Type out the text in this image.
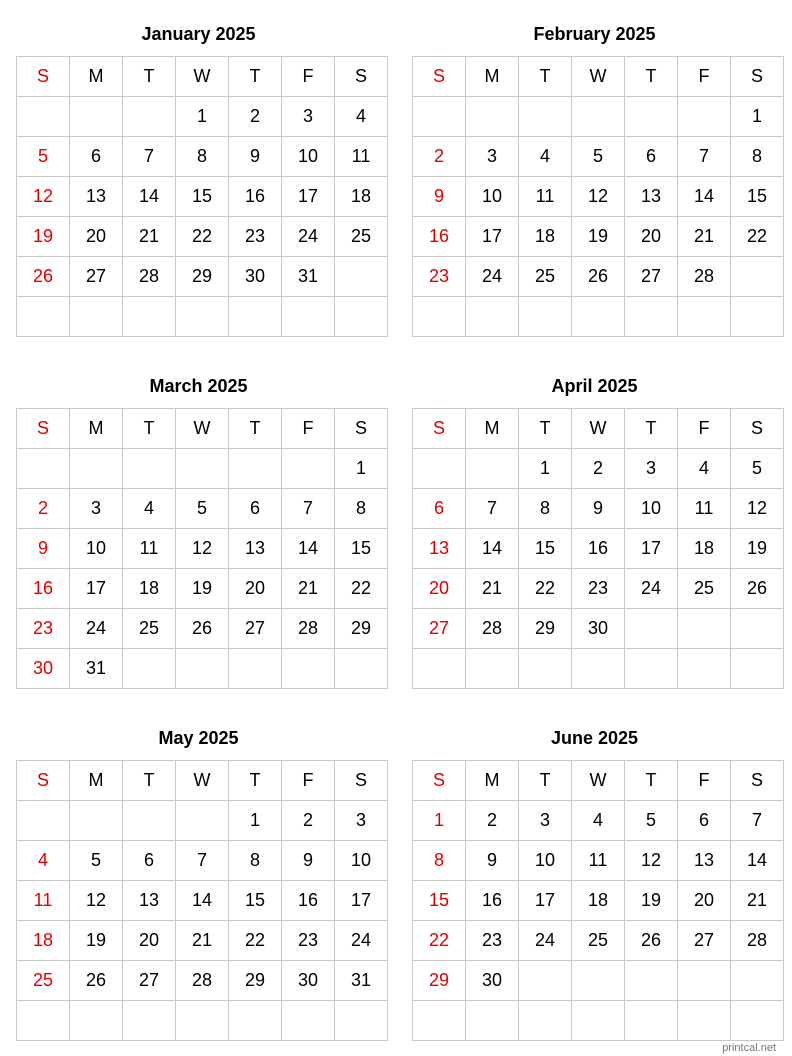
January 2025
S	M	T	W	T	F	S
			1	2	3	4
5	6	7	8	9	10	11
12	13	14	15	16	17	18
19	20	21	22	23	24	25
26	27	28	29	30	31	

February 2025
S	M	T	W	T	F	S
						1
2	3	4	5	6	7	8
9	10	11	12	13	14	15
16	17	18	19	20	21	22
23	24	25	26	27	28	

March 2025
S	M	T	W	T	F	S
						1
2	3	4	5	6	7	8
9	10	11	12	13	14	15
16	17	18	19	20	21	22
23	24	25	26	27	28	29
30	31					
April 2025
S	M	T	W	T	F	S
		1	2	3	4	5
6	7	8	9	10	11	12
13	14	15	16	17	18	19
20	21	22	23	24	25	26
27	28	29	30			

May 2025
S	M	T	W	T	F	S
				1	2	3
4	5	6	7	8	9	10
11	12	13	14	15	16	17
18	19	20	21	22	23	24
25	26	27	28	29	30	31

June 2025
S	M	T	W	T	F	S
1	2	3	4	5	6	7
8	9	10	11	12	13	14
15	16	17	18	19	20	21
22	23	24	25	26	27	28
29	30					

printcal.net
